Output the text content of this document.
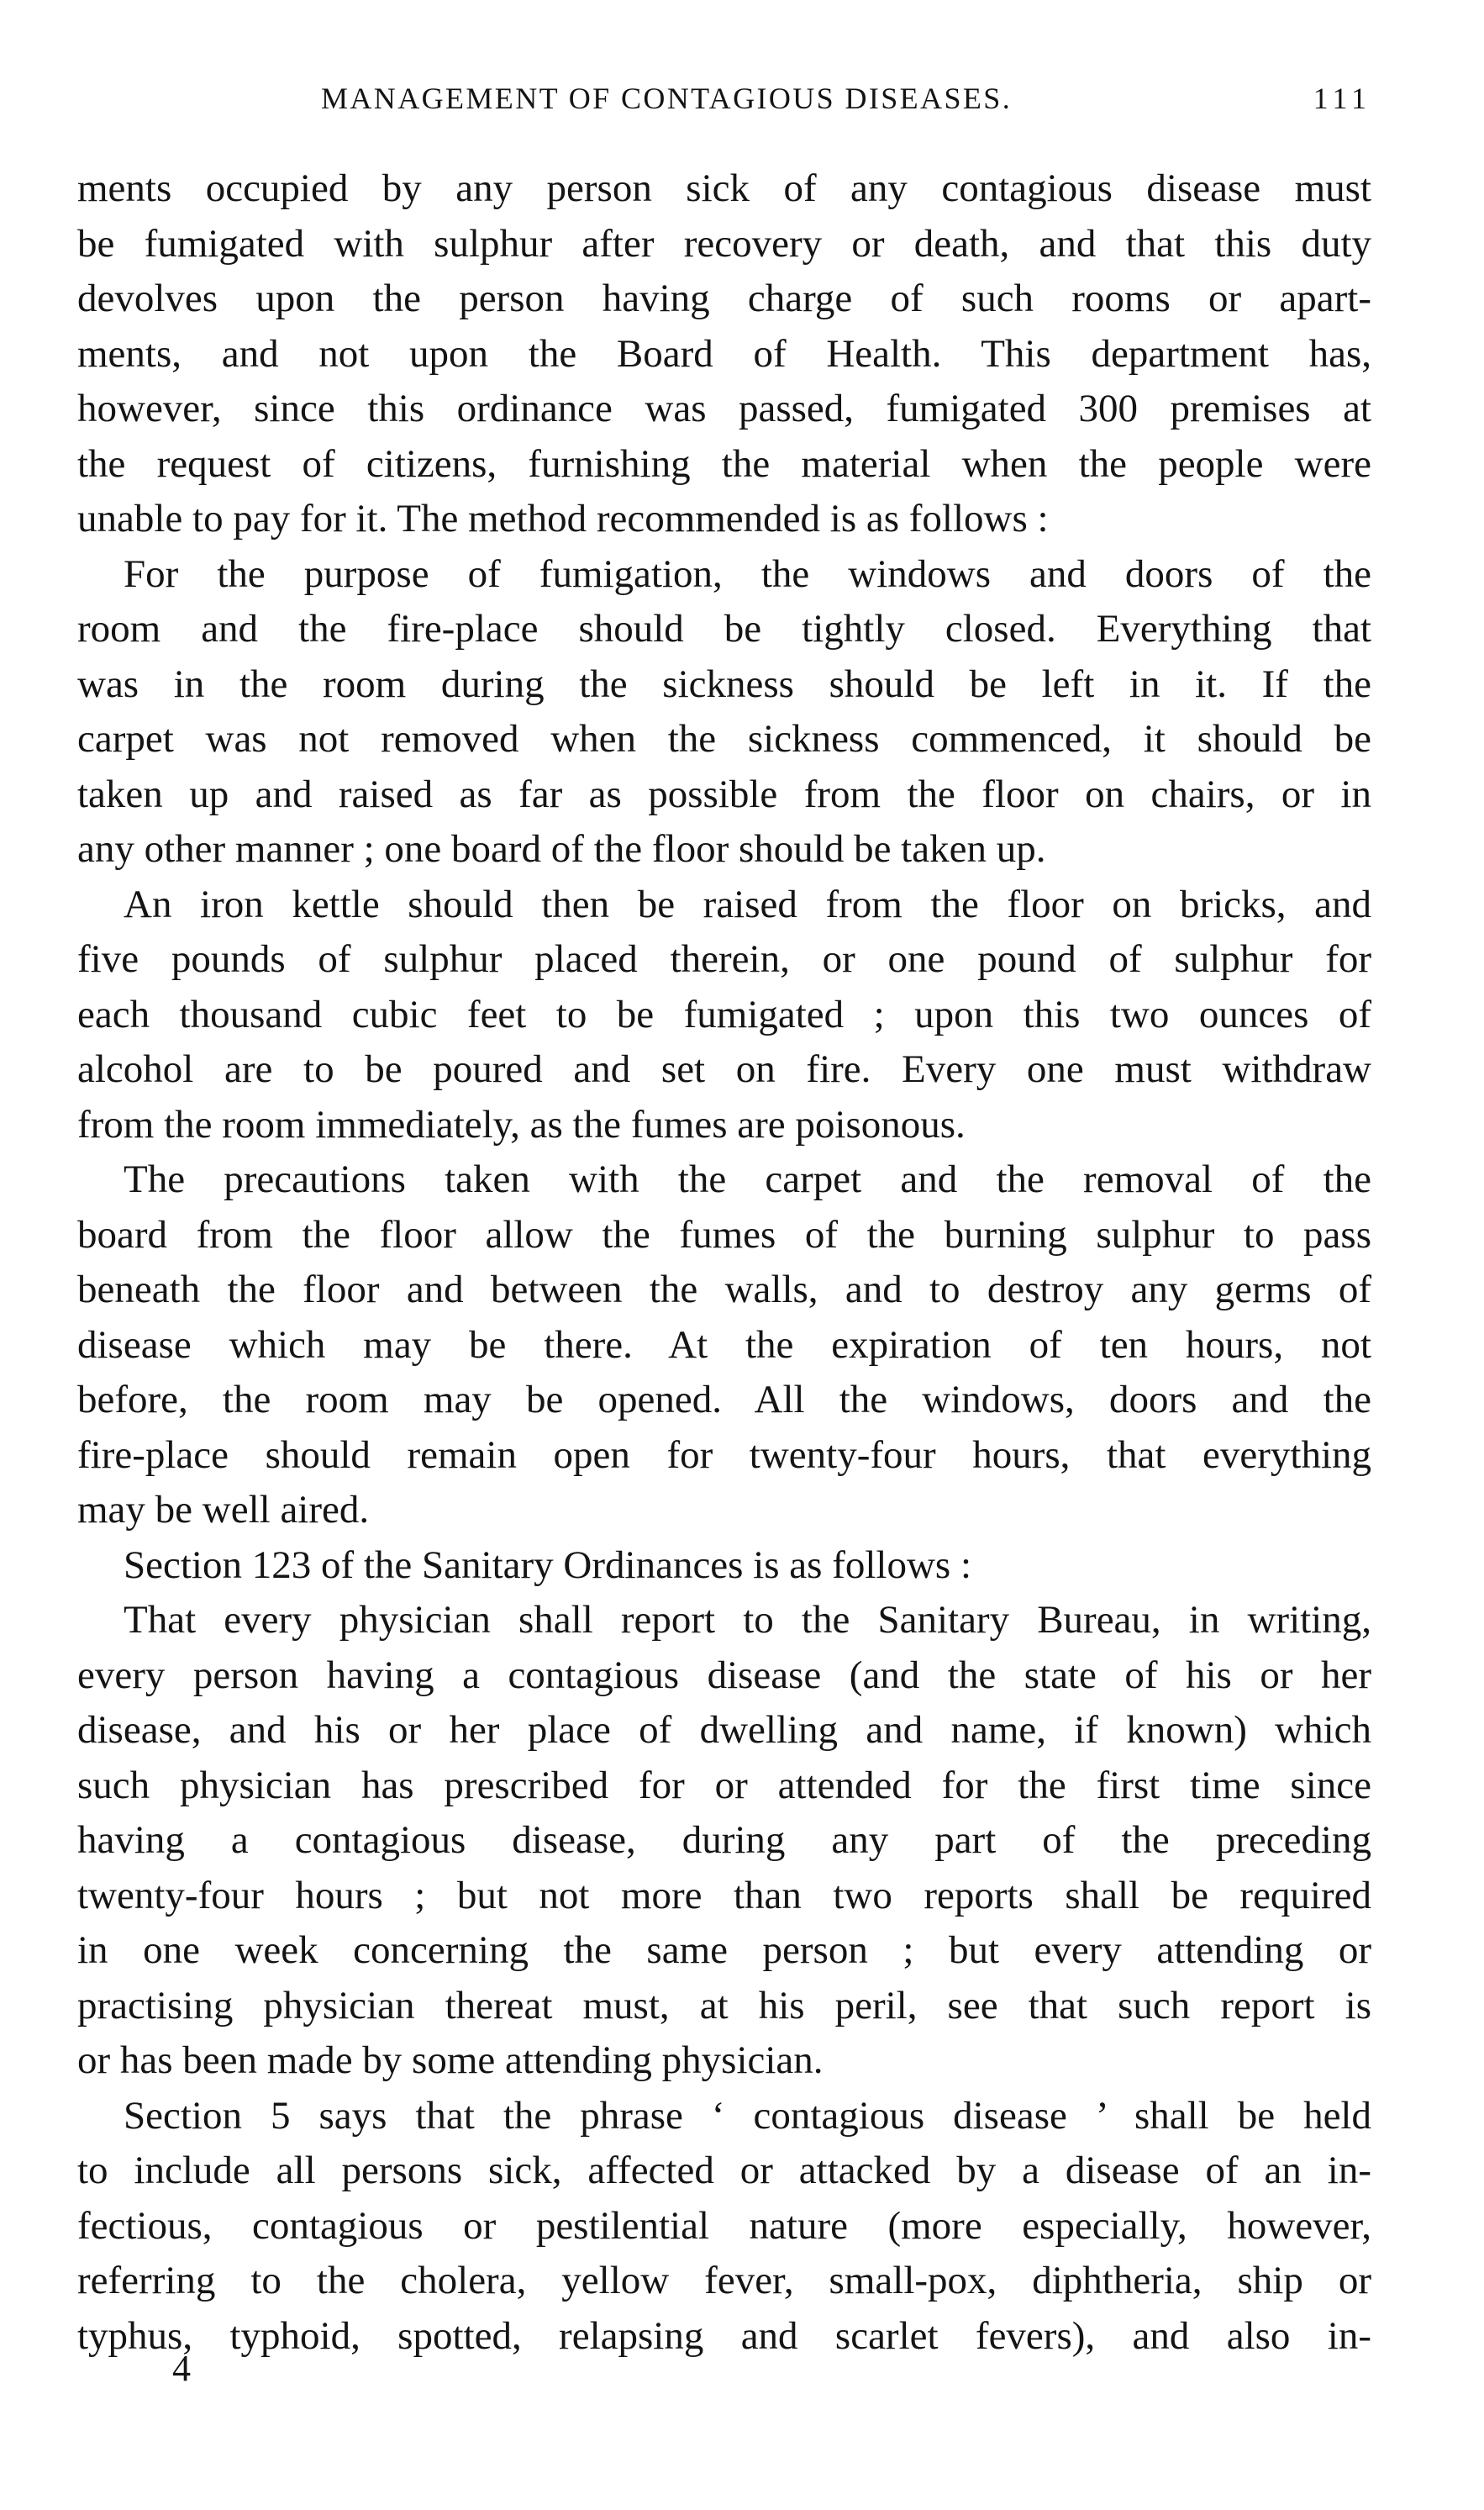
MANAGEMENT OF CONTAGIOUS DISEASES.	111
ments occupied by any person sick of any contagious disease must
be fumigated with sulphur after recovery or death, and that this duty
devolves upon the person having charge of such rooms or apart-
ments, and not upon the Board of Health. This department has,
however, since this ordinance was passed, fumigated 300 premises at
the request of citizens, furnishing the material when the people were
unable to pay for it. The method recommended is as follows :
For the purpose of fumigation, the windows and doors of the
room and the fire-place should be tightly closed. Everything that
was in the room during the sickness should be left in it. If the
carpet was not removed when the sickness commenced, it should be
taken up and raised as far as possible from the floor on chairs, or in
any other manner ; one board of the floor should be taken up.
An iron kettle should then be raised from the floor on bricks, and
five pounds of sulphur placed therein, or one pound of sulphur for
each thousand cubic feet to be fumigated ; upon this two ounces of
alcohol are to be poured and set on fire. Every one must withdraw
from the room immediately, as the fumes are poisonous.
The precautions taken with the carpet and the removal of the
board from the floor allow the fumes of the burning sulphur to pass
beneath the floor and between the walls, and to destroy any germs of
disease which may be there. At the expiration of ten hours, not
before, the room may be opened. All the windows, doors and the
fire-place should remain open for twenty-four hours, that everything
may be well aired.
Section 123 of the Sanitary Ordinances is as follows :
That every physician shall report to the Sanitary Bureau, in writing,
every person having a contagious disease (and the state of his or her
disease, and his or her place of dwelling and name, if known) which
such physician has prescribed for or attended for the first time since
having a contagious disease, during any part of the preceding
twenty-four hours ; but not more than two reports shall be required
in one week concerning the same person ; but every attending or
practising physician thereat must, at his peril, see that such report is
or has been made by some attending physician.
Section 5 says that the phrase ‘ contagious disease ’ shall be held
to include all persons sick, affected or attacked by a disease of an in-
fectious, contagious or pestilential nature (more especially, however,
referring to the cholera, yellow fever, small-pox, diphtheria, ship or
typhus, typhoid, spotted, relapsing and scarlet fevers), and also in-
4
